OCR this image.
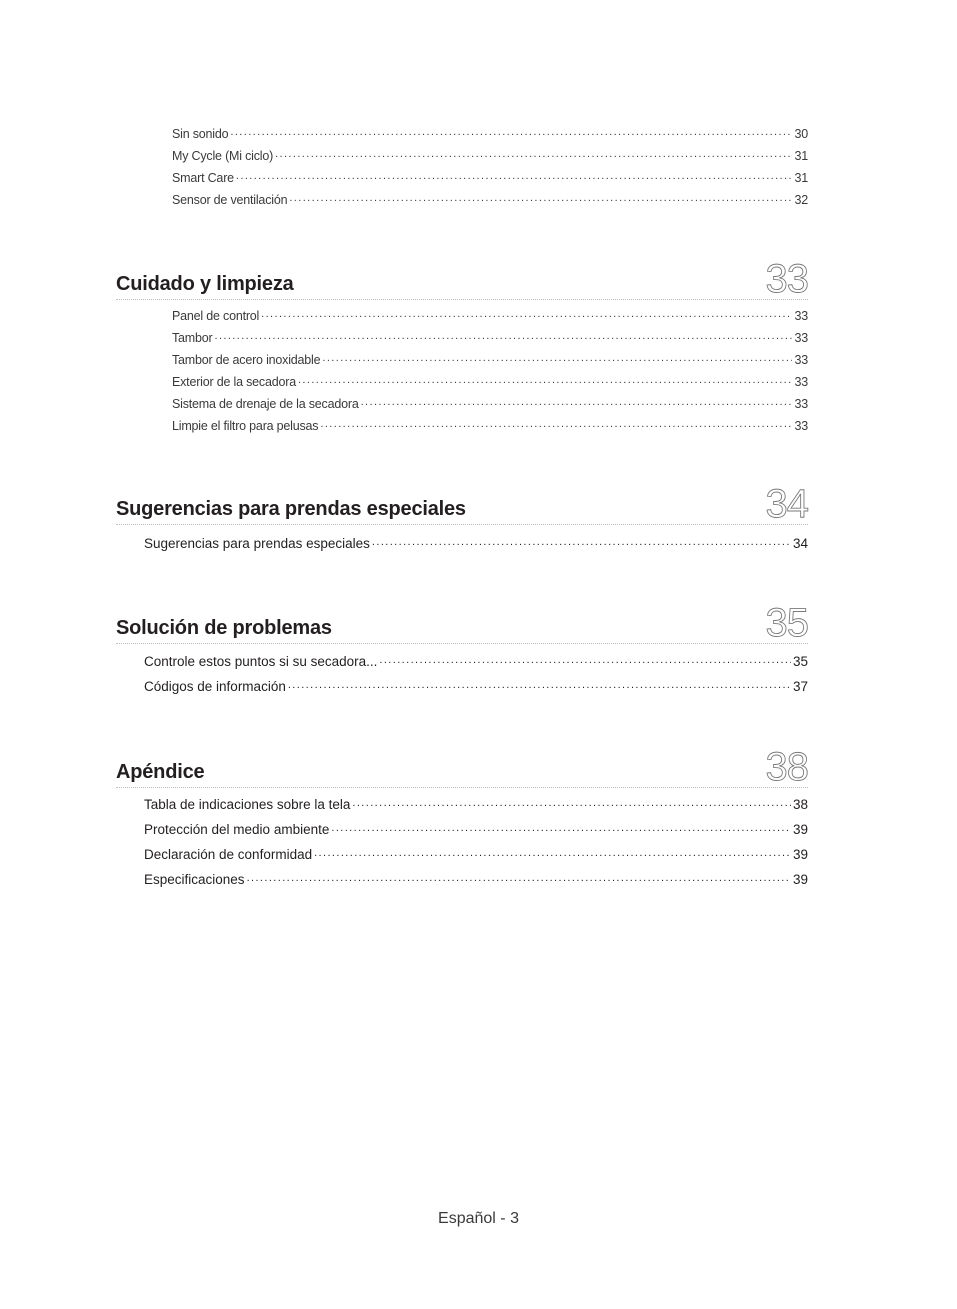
Sin sonido .....	30
My Cycle (Mi ciclo) .....	31
Smart Care .....	31
Sensor de ventilación .....	32
Cuidado y limpieza	33
Panel de control .....	33
Tambor .....	33
Tambor de acero inoxidable .....	33
Exterior de la secadora .....	33
Sistema de drenaje de la secadora .....	33
Limpie el filtro para pelusas .....	33
Sugerencias para prendas especiales	34
Sugerencias para prendas especiales .....	34
Solución de problemas	35
Controle estos puntos si su secadora... .....	35
Códigos de información .....	37
Apéndice	38
Tabla de indicaciones sobre la tela .....	38
Protección del medio ambiente .....	39
Declaración de conformidad .....	39
Especificaciones .....	39
Español - 3
